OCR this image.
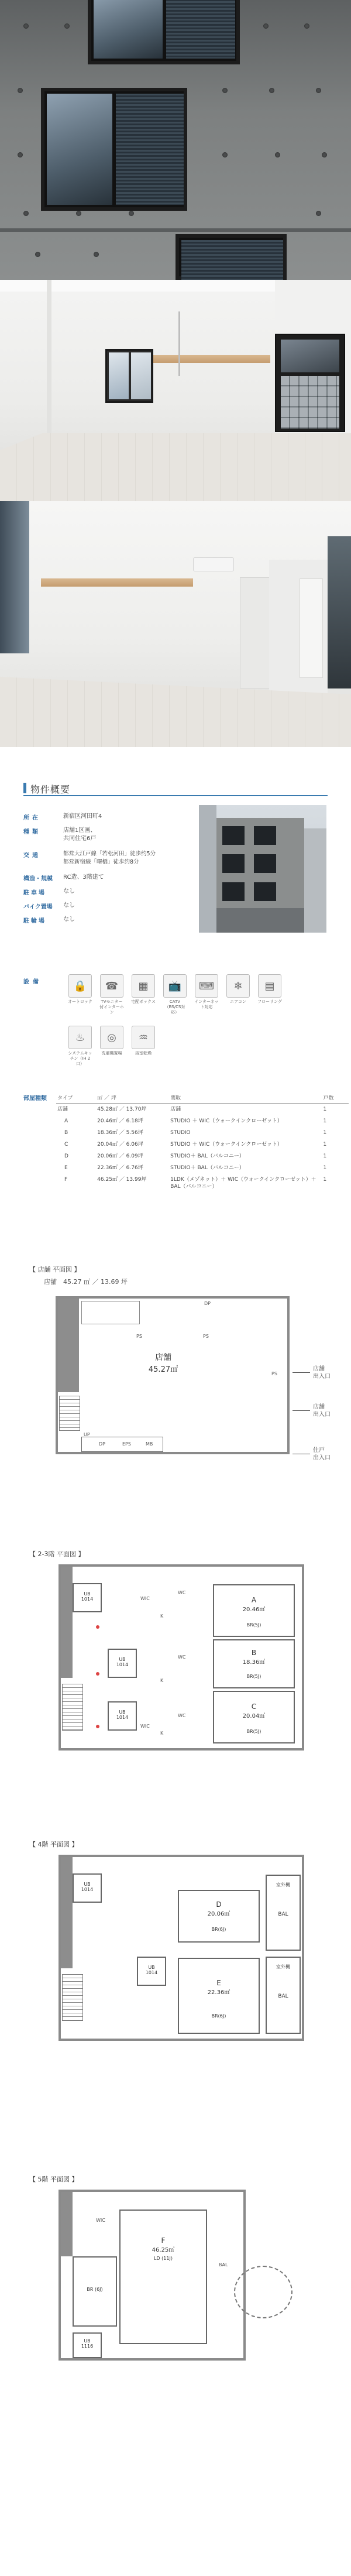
物件概要
所在	新宿区河田町4
種類	店舗1区画、
共同住宅6戸
交通	都営大江戸線「若松河田」徒歩约5分
都営新宿線「曙橋」徒歩约8分
構造・規模	RC造、3階建て
駐車場	なし
バイク置場	なし
駐輪場	なし
設備	🔒
オートロック
☎
TVモニター付インターホン
▦
宅配ボックス
📺
CATV
（BS/CS対応）
⌨
インターネット対応
❄
エアコン
▤
フローリング
♨
システムキッチン（IH 2口）
◎
洗濯機置場
♒
浴室乾燥
部屋種類 タイプ	㎡ ／ 坪	間取	戸数
店舗	45.28㎡ ／ 13.70坪	店舗	1
A	20.46㎡ ／ 6.18坪	STUDIO ＋ WIC（ウォークインクローゼット）	1
B	18.36㎡ ／ 5.56坪	STUDIO	1
C	20.04㎡ ／ 6.06坪	STUDIO ＋ WIC（ウォークインクローゼット）	1
D	20.06㎡ ／ 6.09坪	STUDIO＋ BAL（バルコニー）	1
E	22.36㎡ ／ 6.76坪	STUDIO＋ BAL（バルコニー）	1
F	46.25㎡ ／ 13.99坪	1LDK（メゾネット）＋ WIC（ウォークインクローゼット）＋ BAL（バルコニー）	1
【 店舗 平面図 】
店舗　45.27 ㎡ ／ 13.69 坪
店舗
45.27㎡
PS	PS
DP
UP
DP	EPS	MB
PS
店舗
出入口
店舗
出入口
住戸
出入口
【 2-3階 平面図 】
A
20.46㎡
BR(5J)
B
18.36㎡
BR(5J)
C
20.04㎡
BR(5J)
UB
1014
UB
1014
UB
1014
WC
WC
WC
K
K
K
WIC
WIC
【 4階 平面図 】
D
20.06㎡
BR(6J)
E
22.36㎡
BR(6J)
UB
1014
UB
1014
室外機
BAL
室外機
BAL
【 5階 平面図 】
F
46.25㎡
LD (11J)
BR (6J)
UB
1116
BAL
WIC
